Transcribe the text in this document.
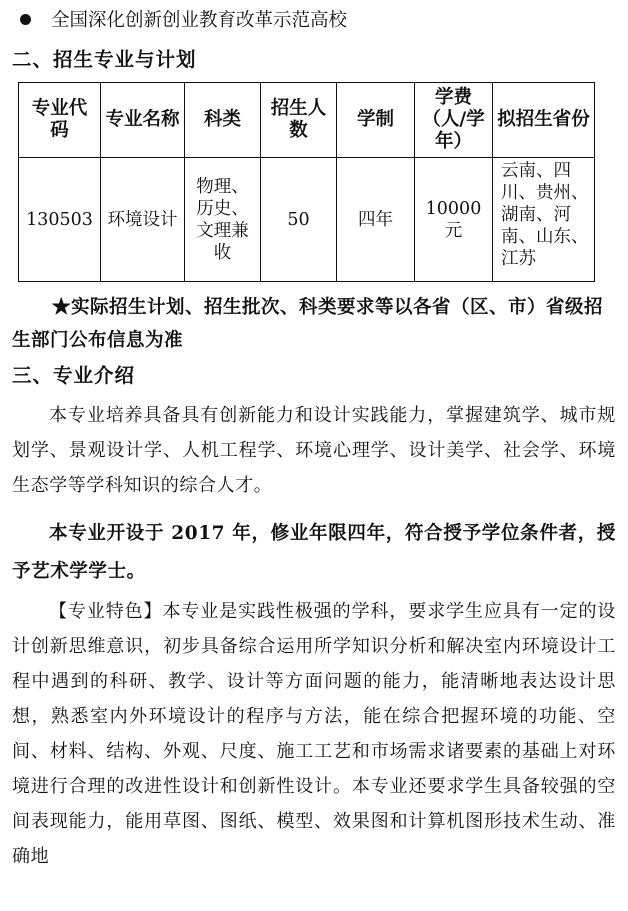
全国深化创新创业教育改革示范高校
二、招生专业与计划
专业代码	专业名称	科类	招生人数	学制	学费（人/学年）	拟招生省份
130503	环境设计	物理、历史、文理兼收	50	四年	10000元	云南、四川、贵州、湖南、河南、山东、江苏
★实际招生计划、招生批次、科类要求等以各省（区、市）省级招生部门公布信息为准
三、专业介绍
本专业培养具备具有创新能力和设计实践能力，掌握建筑学、城市规划学、景观设计学、人机工程学、环境心理学、设计美学、社会学、环境生态学等学科知识的综合人才。
本专业开设于 2017 年，修业年限四年，符合授予学位条件者，授予艺术学学士。
【专业特色】本专业是实践性极强的学科，要求学生应具有一定的设计创新思维意识，初步具备综合运用所学知识分析和解决室内环境设计工程中遇到的科研、教学、设计等方面问题的能力，能清晰地表达设计思想，熟悉室内外环境设计的程序与方法，能在综合把握环境的功能、空间、材料、结构、外观、尺度、施工工艺和市场需求诸要素的基础上对环境进行合理的改进性设计和创新性设计。本专业还要求学生具备较强的空间表现能力，能用草图、图纸、模型、效果图和计算机图形技术生动、准确地
